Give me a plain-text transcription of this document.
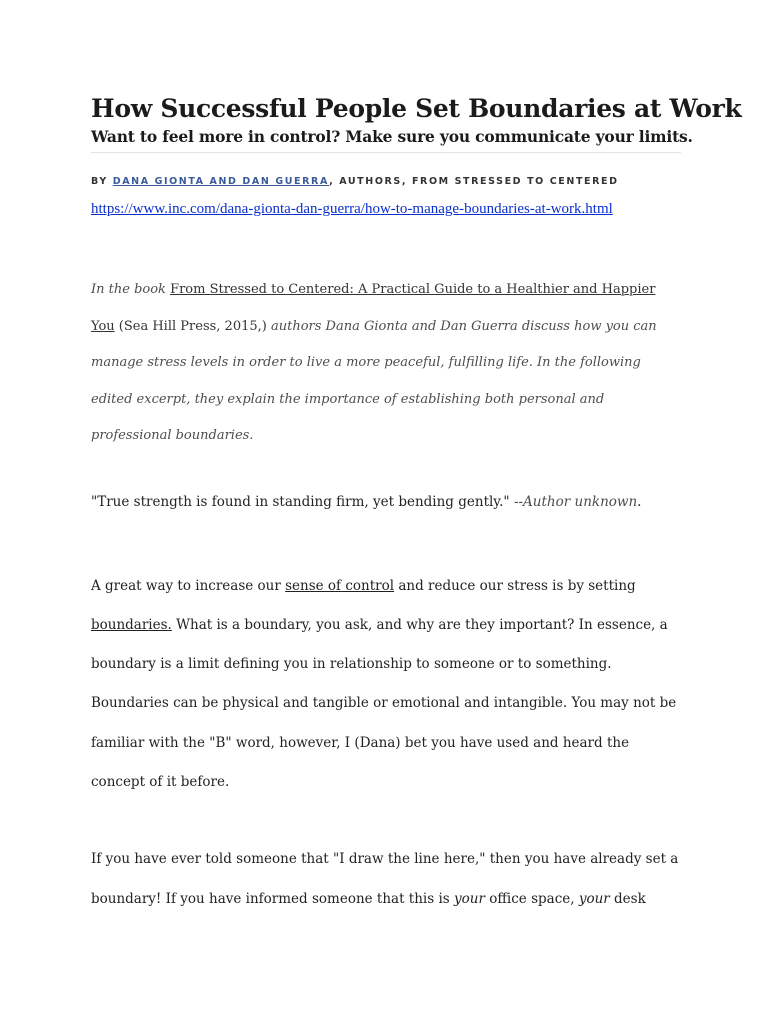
How Successful People Set Boundaries at Work
Want to feel more in control? Make sure you communicate your limits.
BY DANA GIONTA AND DAN GUERRA, AUTHORS, FROM STRESSED TO CENTERED
https://www.inc.com/dana-gionta-dan-guerra/how-to-manage-boundaries-at-work.html
In the book From Stressed to Centered: A Practical Guide to a Healthier and Happier You (Sea Hill Press, 2015,) authors Dana Gionta and Dan Guerra discuss how you can manage stress levels in order to live a more peaceful, fulfilling life. In the following edited excerpt, they explain the importance of establishing both personal and professional boundaries.
"True strength is found in standing firm, yet bending gently." --Author unknown.
A great way to increase our sense of control and reduce our stress is by setting boundaries. What is a boundary, you ask, and why are they important? In essence, a boundary is a limit defining you in relationship to someone or to something. Boundaries can be physical and tangible or emotional and intangible. You may not be familiar with the "B" word, however, I (Dana) bet you have used and heard the concept of it before.
If you have ever told someone that "I draw the line here," then you have already set a boundary! If you have informed someone that this is your office space, your desk
